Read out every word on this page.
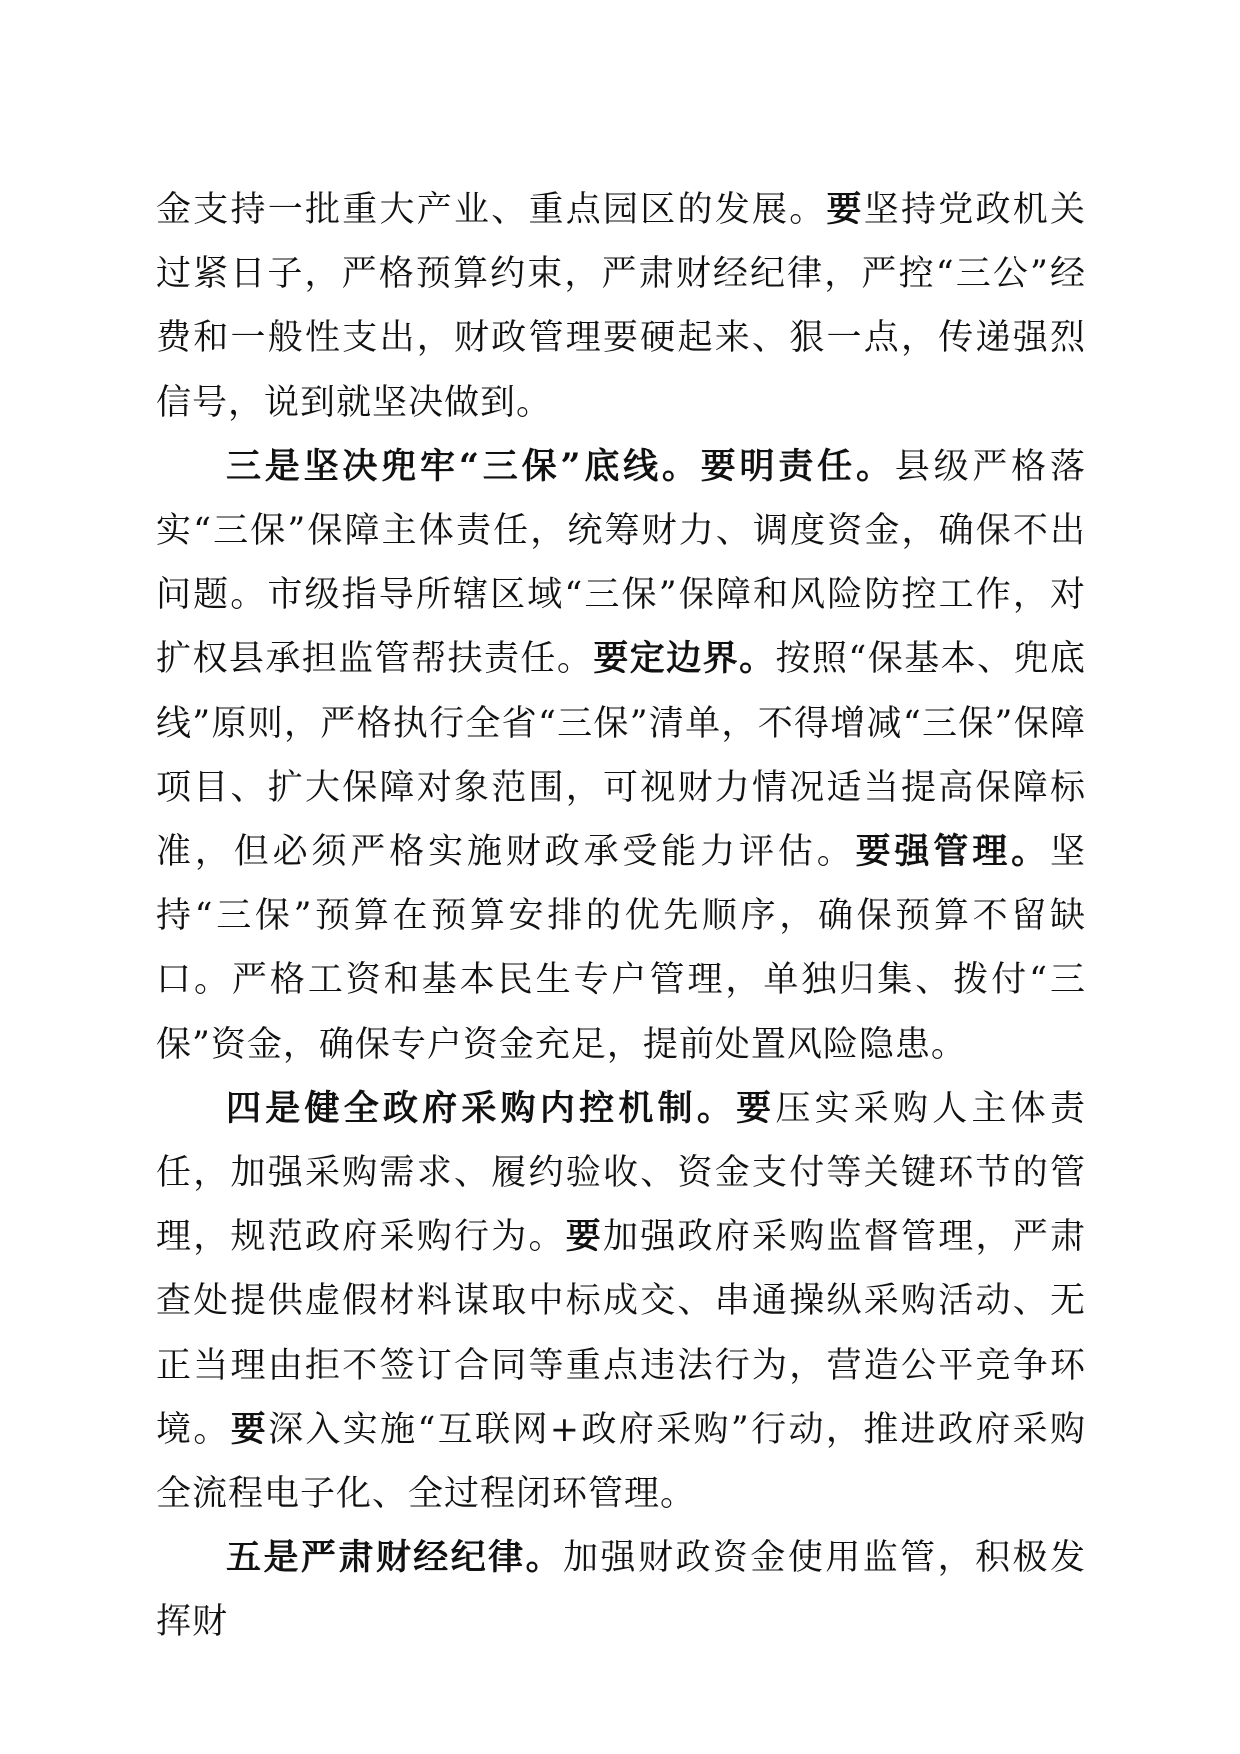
金支持一批重大产业、重点园区的发展。要坚持党政机关过紧日子，严格预算约束，严肃财经纪律，严控“三公”经费和一般性支出，财政管理要硬起来、狠一点，传递强烈信号，说到就坚决做到。

三是坚决兜牢“三保”底线。要明责任。县级严格落实“三保”保障主体责任，统筹财力、调度资金，确保不出问题。市级指导所辖区域“三保”保障和风险防控工作，对扩权县承担监管帮扶责任。要定边界。按照“保基本、兜底线”原则，严格执行全省“三保”清单，不得增减“三保”保障项目、扩大保障对象范围，可视财力情况适当提高保障标准，但必须严格实施财政承受能力评估。要强管理。坚持“三保”预算在预算安排的优先顺序，确保预算不留缺口。严格工资和基本民生专户管理，单独归集、拨付“三保”资金，确保专户资金充足，提前处置风险隐患。

四是健全政府采购内控机制。要压实采购人主体责任，加强采购需求、履约验收、资金支付等关键环节的管理，规范政府采购行为。要加强政府采购监督管理，严肃查处提供虚假材料谋取中标成交、串通操纵采购活动、无正当理由拒不签订合同等重点违法行为，营造公平竞争环境。要深入实施“互联网+政府采购”行动，推进政府采购全流程电子化、全过程闭环管理。

五是严肃财经纪律。加强财政资金使用监管，积极发挥财
